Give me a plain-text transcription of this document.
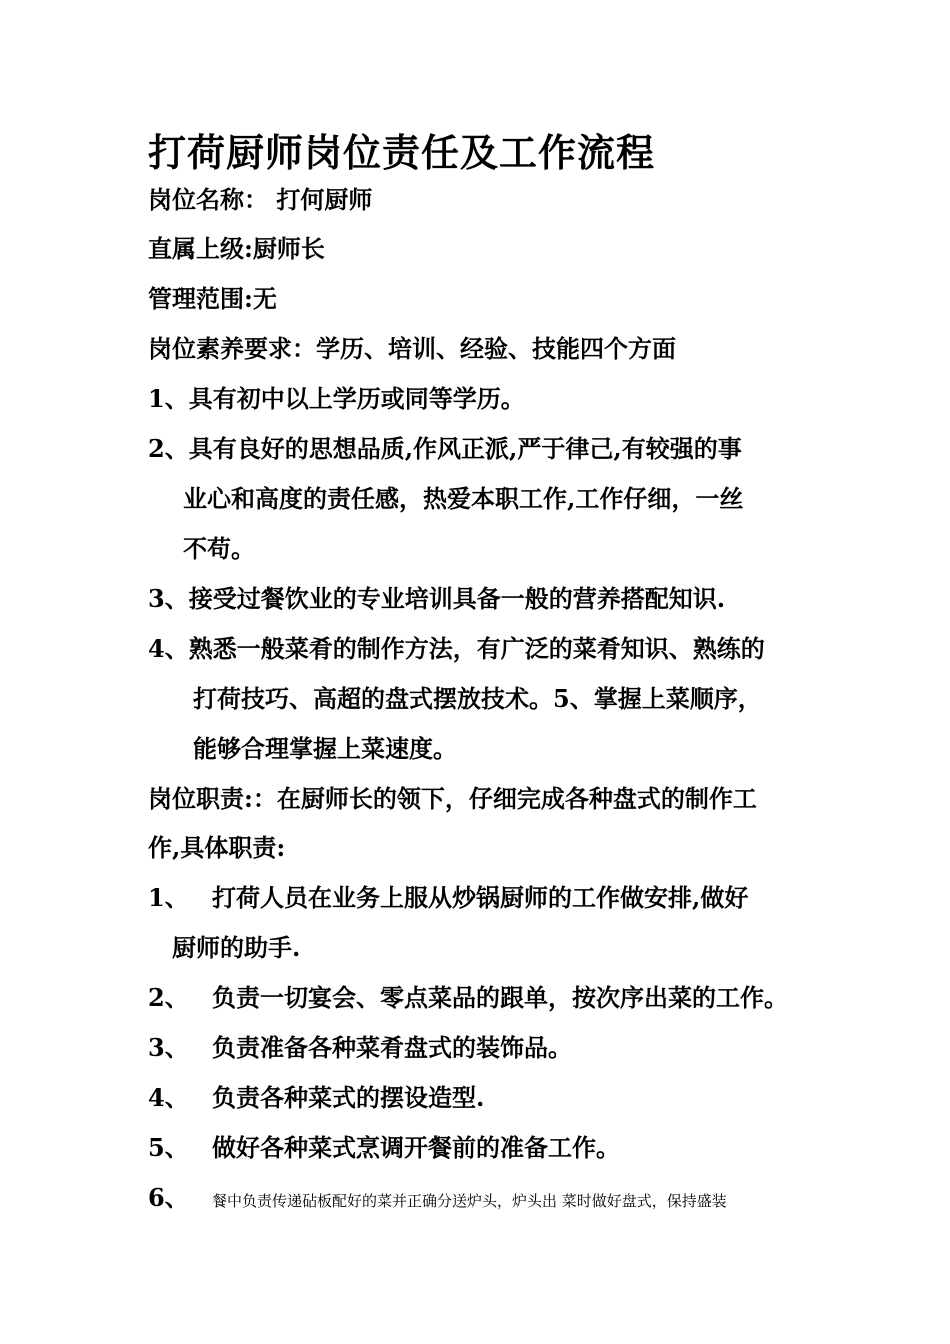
打荷厨师岗位责任及工作流程
岗位名称： 打何厨师
直属上级:厨师长
管理范围:无
岗位素养要求：学历、培训、经验、技能四个方面
1、具有初中以上学历或同等学历。
2、具有良好的思想品质,作风正派,严于律己,有较强的事
业心和高度的责任感，热爱本职工作,工作仔细，一丝
不苟。
3、接受过餐饮业的专业培训具备一般的营养搭配知识.
4、熟悉一般菜肴的制作方法，有广泛的菜肴知识、熟练的
打荷技巧、高超的盘式摆放技术。5、掌握上菜顺序，
能够合理掌握上菜速度。
岗位职责:：在厨师长的领下，仔细完成各种盘式的制作工
作,具体职责:
1、 打荷人员在业务上服从炒锅厨师的工作做安排,做好
厨师的助手.
2、 负责一切宴会、零点菜品的跟单，按次序出菜的工作。
3、 负责准备各种菜肴盘式的装饰品。
4、 负责各种菜式的摆设造型.
5、 做好各种菜式烹调开餐前的准备工作。
6、 餐中负责传递砧板配好的菜并正确分送炉头，炉头出 菜时做好盘式，保持盛装
